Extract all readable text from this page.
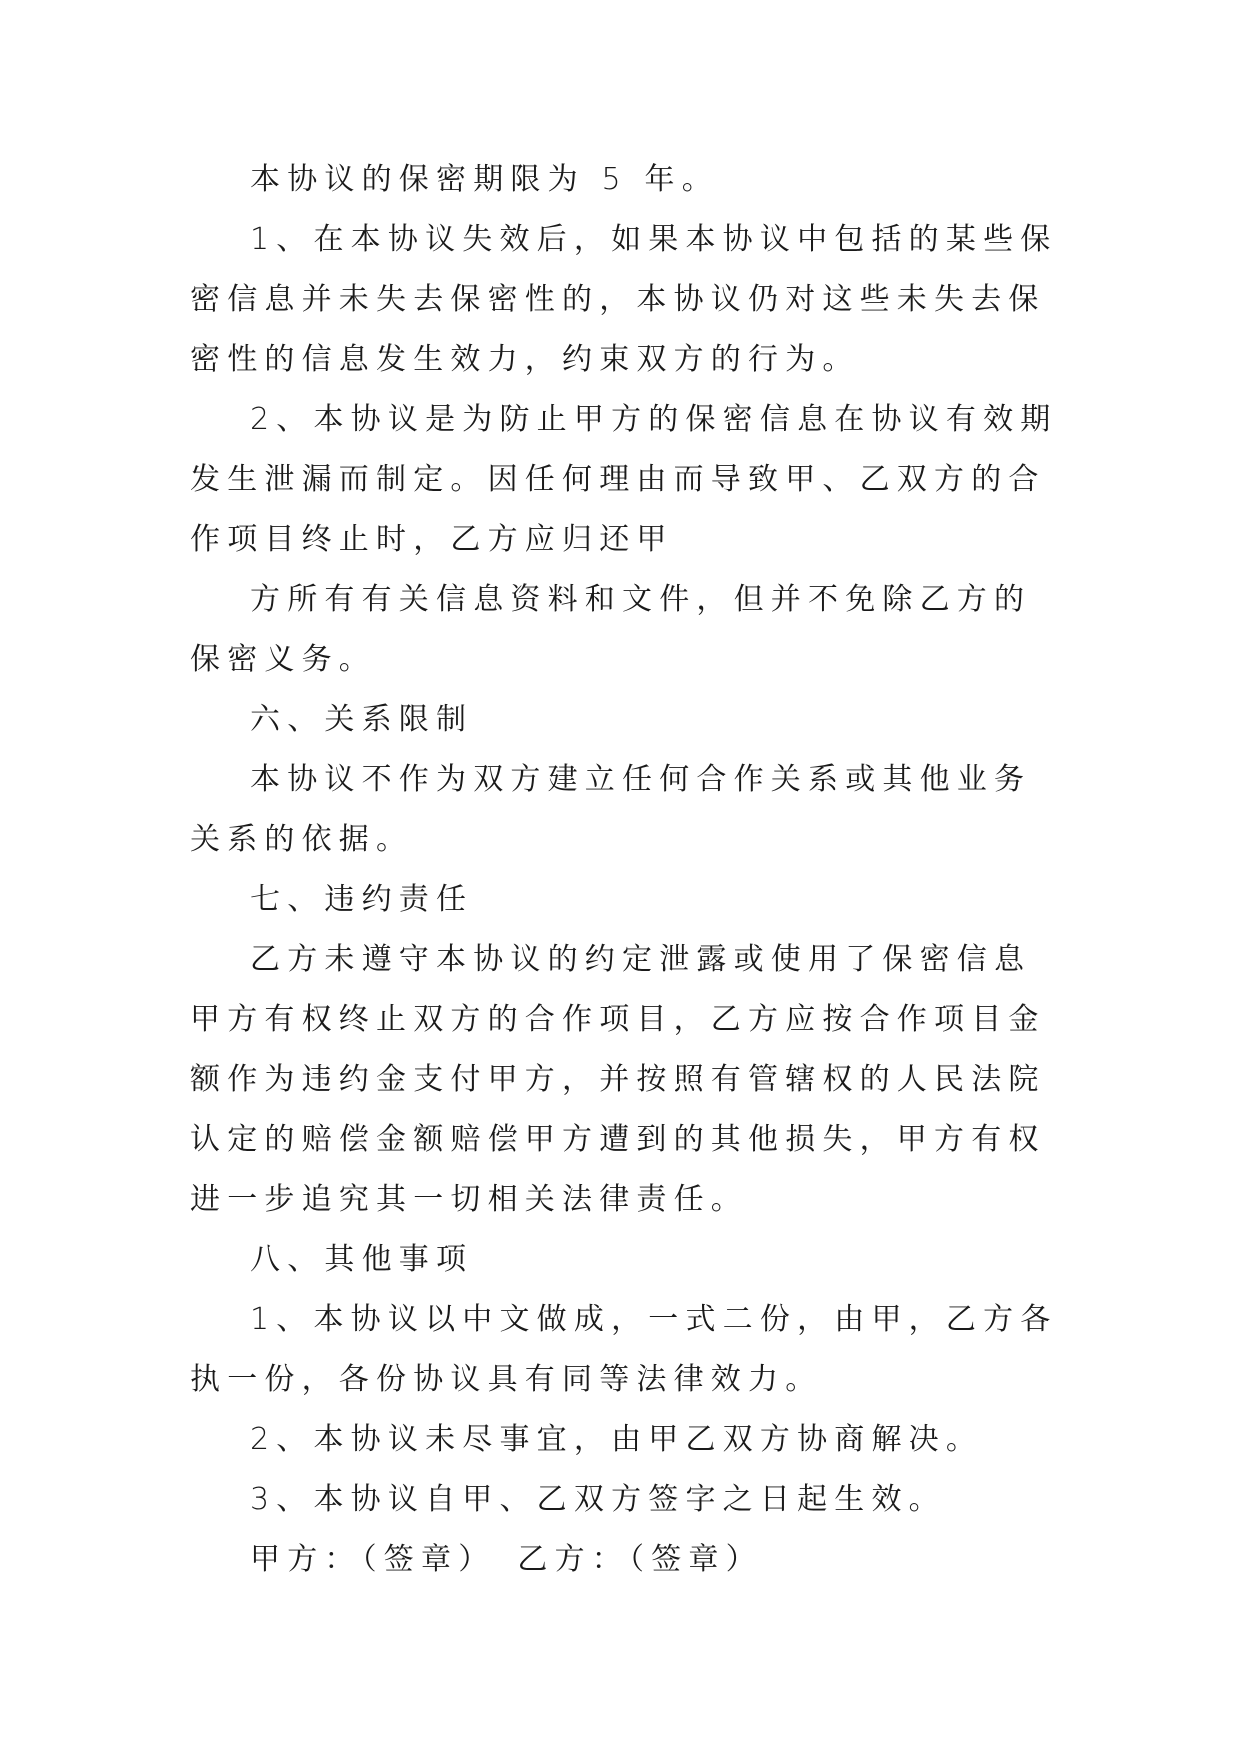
本协议的保密期限为 5 年。

1、在本协议失效后，如果本协议中包括的某些保密信息并未失去保密性的，本协议仍对这些未失去保密性的信息发生效力，约束双方的行为。

2、本协议是为防止甲方的保密信息在协议有效期发生泄漏而制定。因任何理由而导致甲、乙双方的合作项目终止时，乙方应归还甲

方所有有关信息资料和文件，但并不免除乙方的保密义务。

六、关系限制

本协议不作为双方建立任何合作关系或其他业务关系的依据。

七、违约责任

乙方未遵守本协议的约定泄露或使用了保密信息甲方有权终止双方的合作项目，乙方应按合作项目金额作为违约金支付甲方，并按照有管辖权的人民法院认定的赔偿金额赔偿甲方遭到的其他损失，甲方有权进一步追究其一切相关法律责任。

八、其他事项

1、本协议以中文做成，一式二份，由甲，乙方各执一份，各份协议具有同等法律效力。

2、本协议未尽事宜，由甲乙双方协商解决。

3、本协议自甲、乙双方签字之日起生效。

甲方：（签章） 乙方：（签章）
